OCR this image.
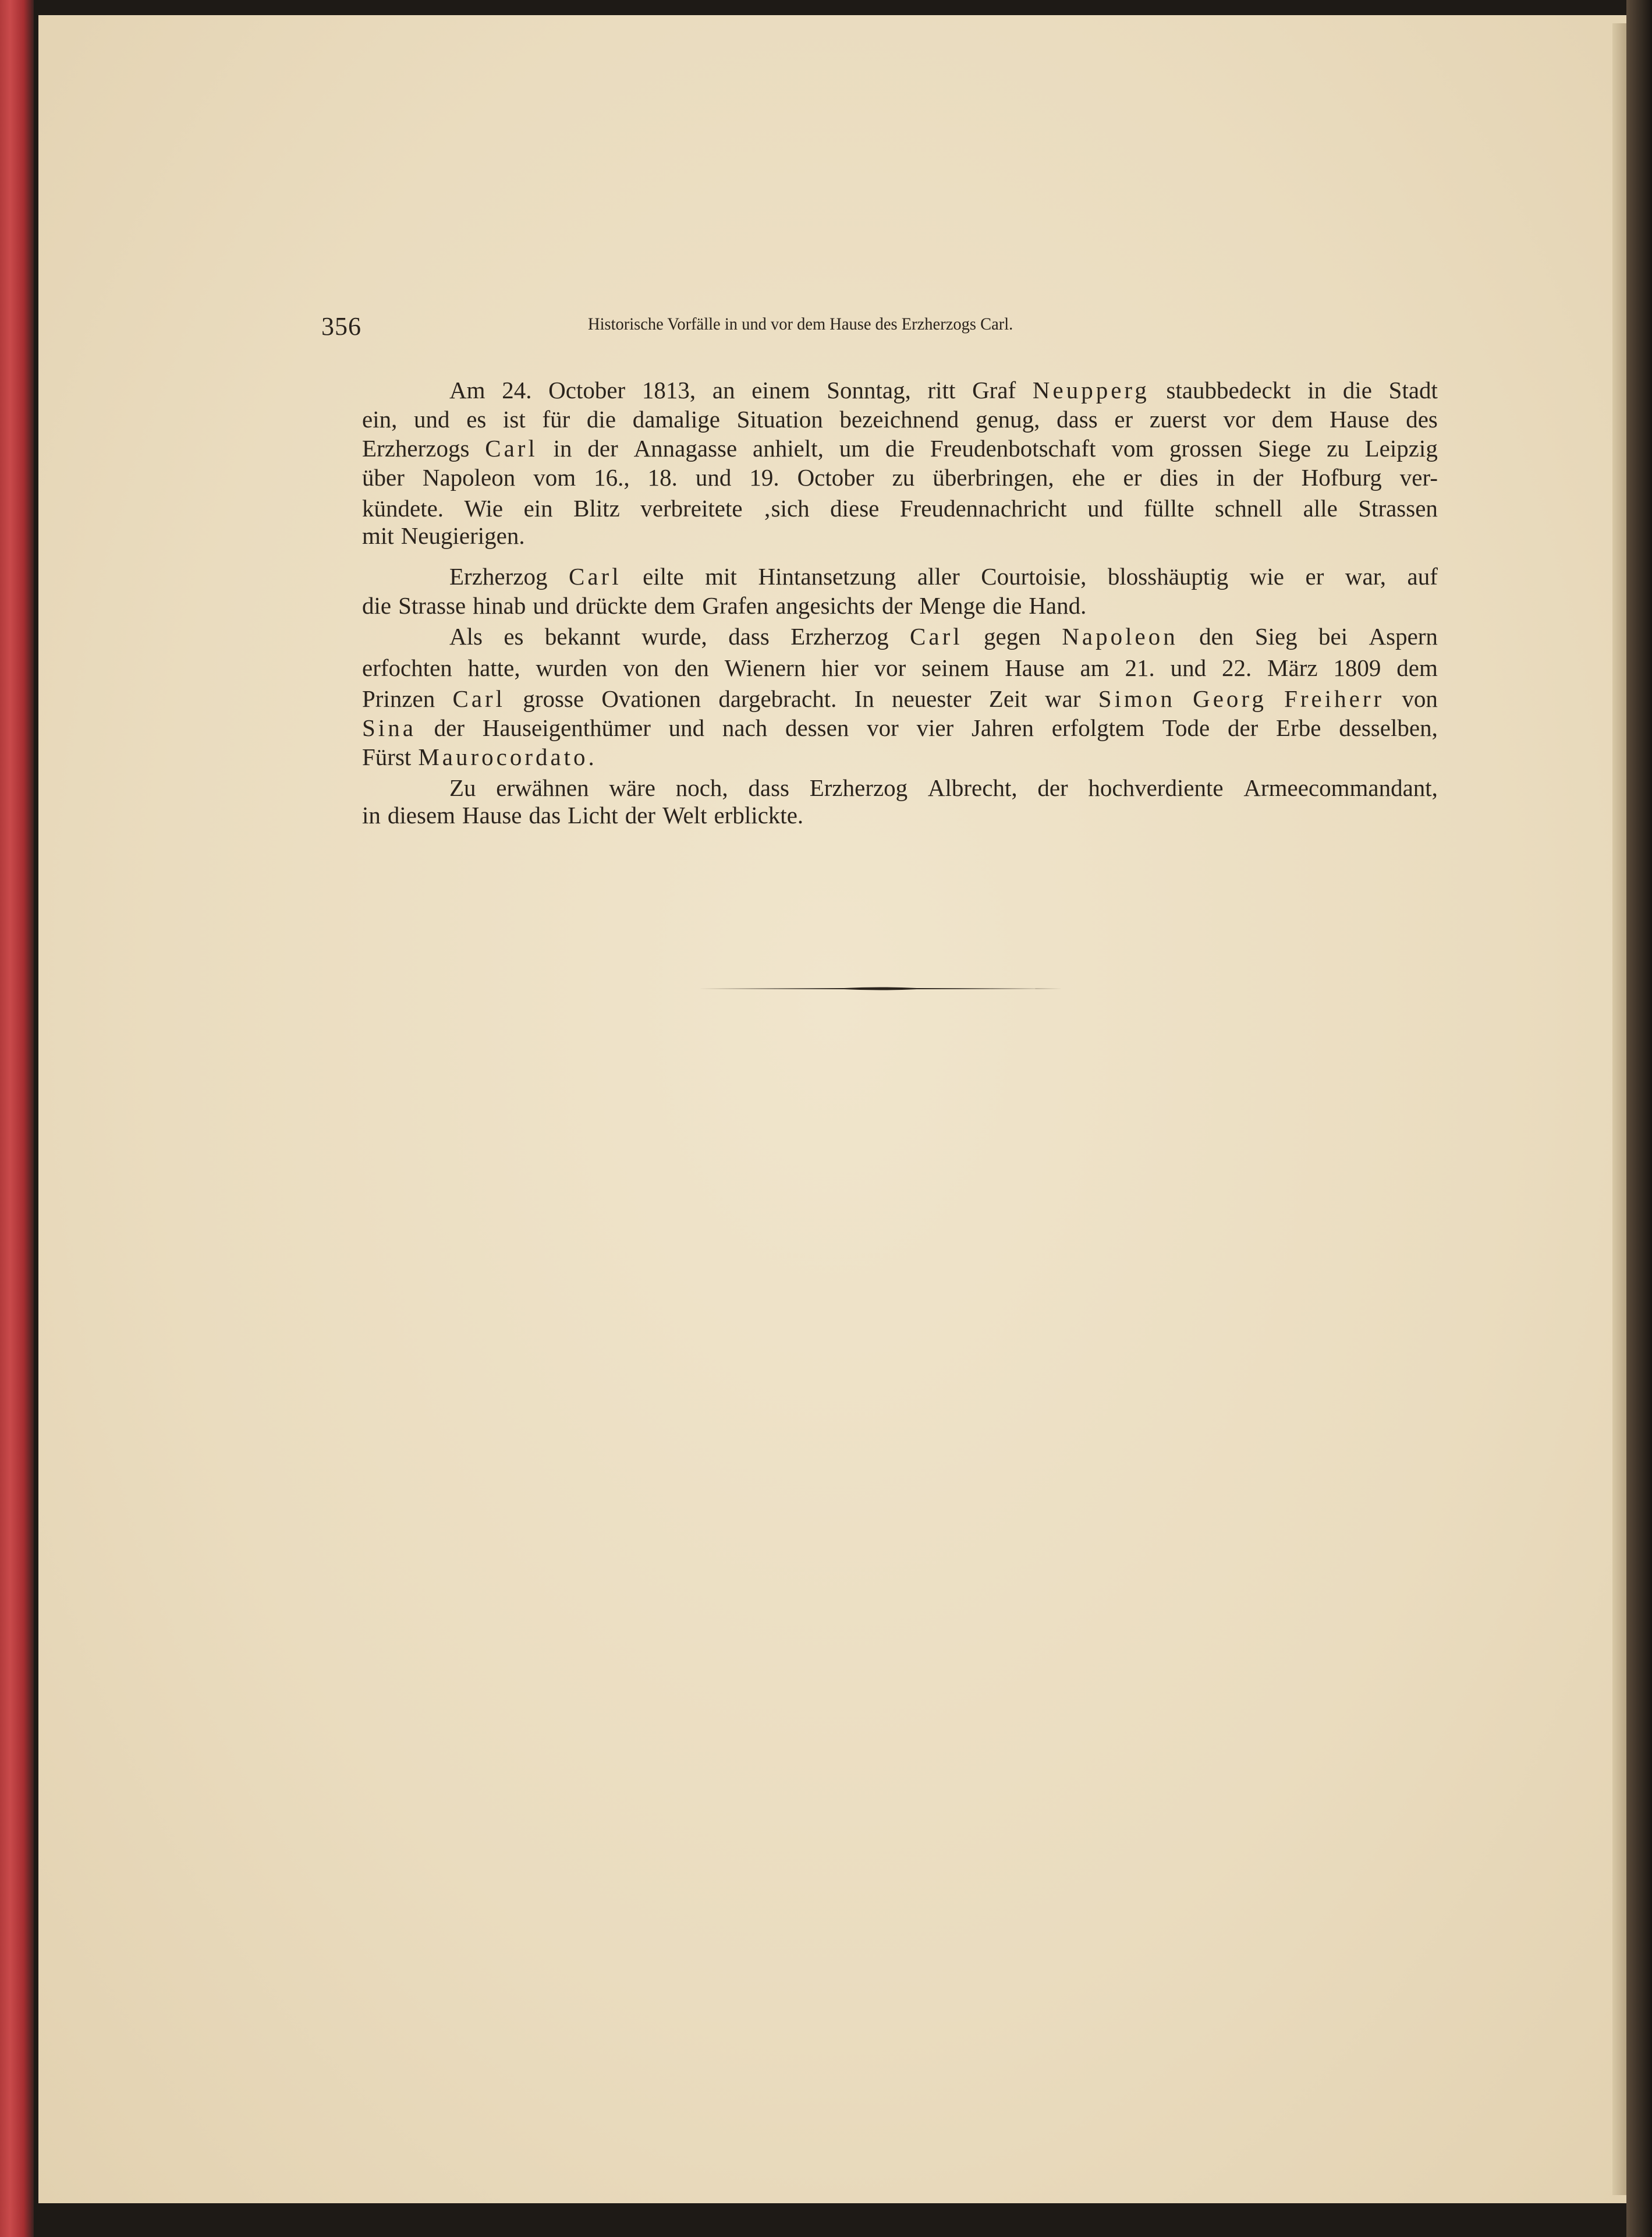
356	Historische Vorfälle in und vor dem Hause des Erzherzogs Carl.
Am 24. October 1813, an einem Sonntag, ritt Graf Neupperg staubbedeckt in die Stadt
ein, und es ist für die damalige Situation bezeichnend genug, dass er zuerst vor dem Hause des
Erzherzogs Carl in der Annagasse anhielt, um die Freudenbotschaft vom grossen Siege zu Leipzig
über Napoleon vom 16., 18. und 19. October zu überbringen, ehe er dies in der Hofburg ver-
kündete. Wie ein Blitz verbreitete ‚sich diese Freudennachricht und füllte schnell alle Strassen
mit Neugierigen.
Erzherzog Carl eilte mit Hintansetzung aller Courtoisie, blosshäuptig wie er war, auf
die Strasse hinab und drückte dem Grafen angesichts der Menge die Hand.
Als es bekannt wurde, dass Erzherzog Carl gegen Napoleon den Sieg bei Aspern
erfochten hatte, wurden von den Wienern hier vor seinem Hause am 21. und 22. März 1809 dem
Prinzen Carl grosse Ovationen dargebracht. In neuester Zeit war Simon Georg Freiherr von
Sina der Hauseigenthümer und nach dessen vor vier Jahren erfolgtem Tode der Erbe desselben,
Fürst Maurocordato.
Zu erwähnen wäre noch, dass Erzherzog Albrecht, der hochverdiente Armeecommandant,
in diesem Hause das Licht der Welt erblickte.
